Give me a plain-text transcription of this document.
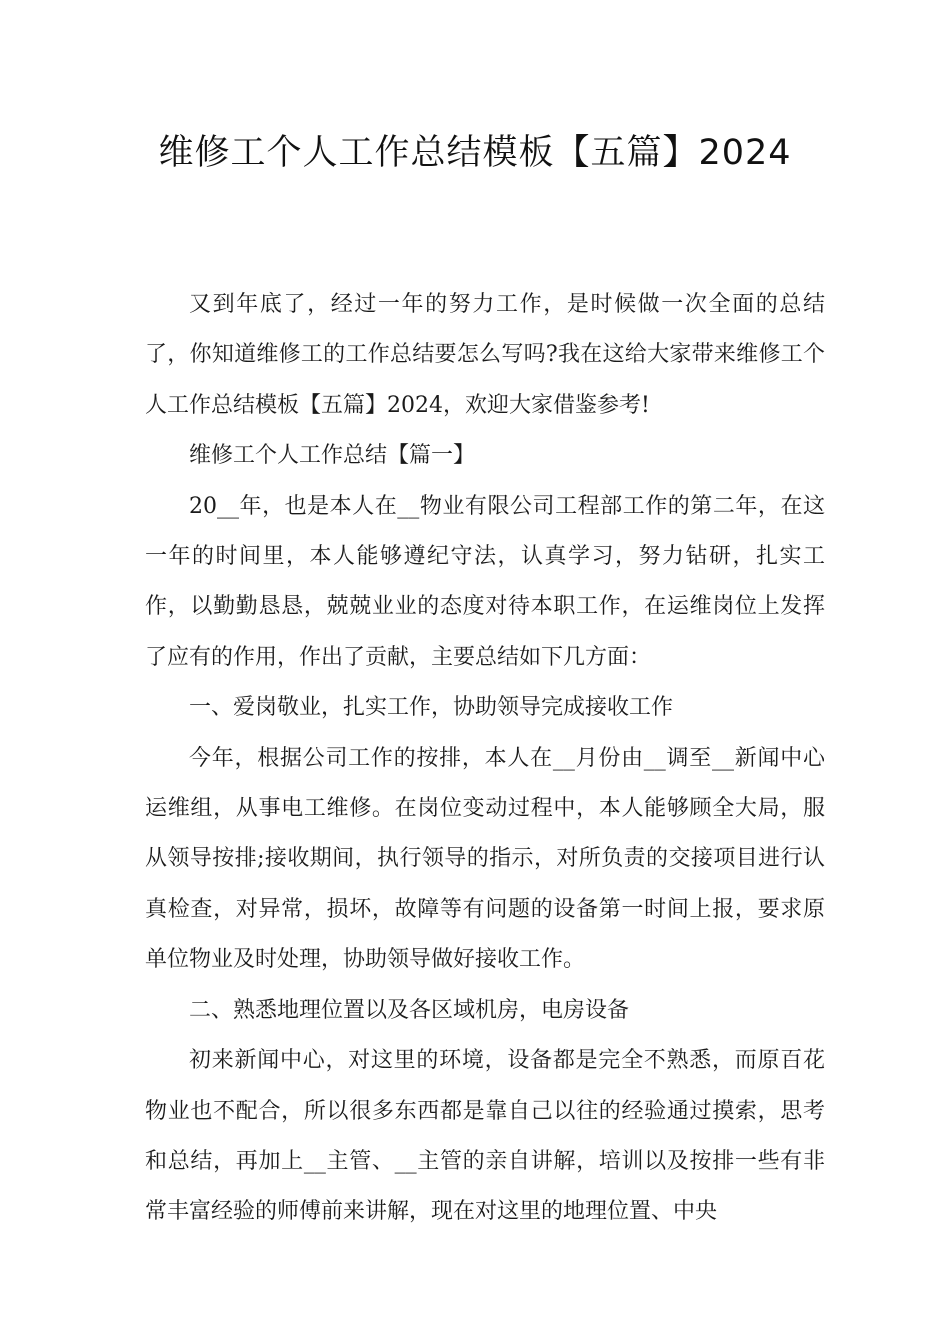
维修工个人工作总结模板【五篇】2024

又到年底了，经过一年的努力工作，是时候做一次全面的总结了，你知道维修工的工作总结要怎么写吗?我在这给大家带来维修工个人工作总结模板【五篇】2024，欢迎大家借鉴参考!

维修工个人工作总结【篇一】

20__年，也是本人在__物业有限公司工程部工作的第二年，在这一年的时间里，本人能够遵纪守法，认真学习，努力钻研，扎实工作，以勤勤恳恳，兢兢业业的态度对待本职工作，在运维岗位上发挥了应有的作用，作出了贡献，主要总结如下几方面：

一、爱岗敬业，扎实工作，协助领导完成接收工作

今年，根据公司工作的按排，本人在__月份由__调至__新闻中心运维组，从事电工维修。在岗位变动过程中，本人能够顾全大局，服从领导按排;接收期间，执行领导的指示，对所负责的交接项目进行认真检查，对异常，损坏，故障等有问题的设备第一时间上报，要求原单位物业及时处理，协助领导做好接收工作。

二、熟悉地理位置以及各区域机房，电房设备

初来新闻中心，对这里的环境，设备都是完全不熟悉，而原百花物业也不配合，所以很多东西都是靠自己以往的经验通过摸索，思考和总结，再加上__主管、__主管的亲自讲解，培训以及按排一些有非常丰富经验的师傅前来讲解，现在对这里的地理位置、中央
